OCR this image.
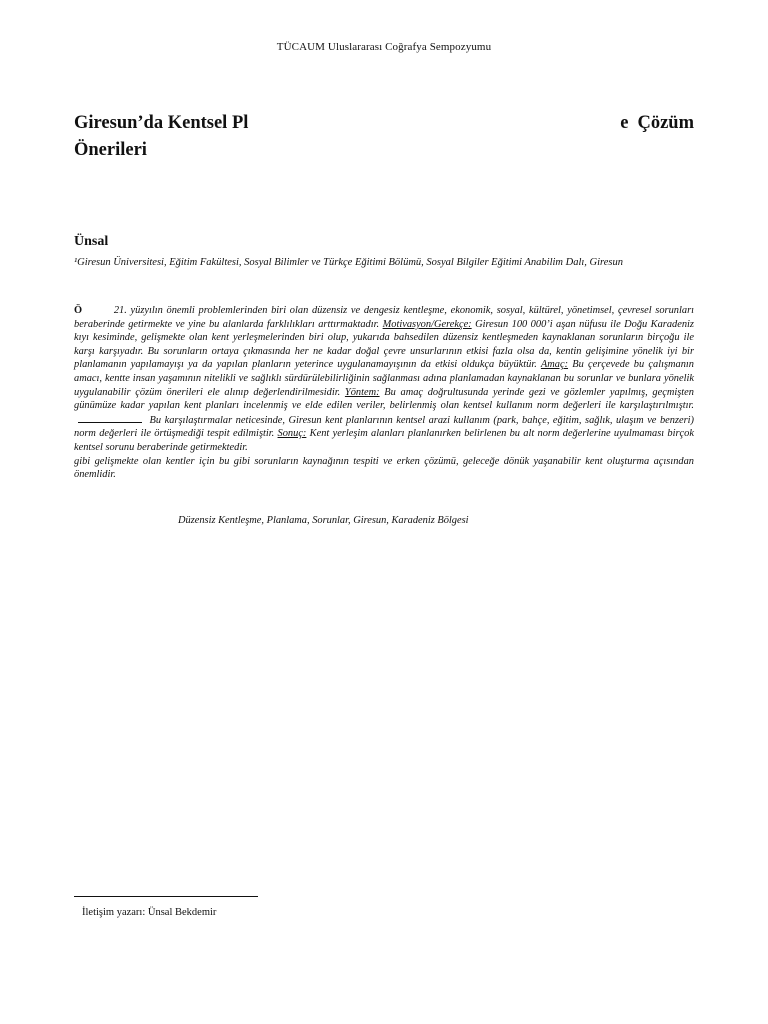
TÜCAUM Uluslararası Coğrafya Sempozyumu
Giresun’da Kentsel Pl	e Çözüm
Önerileri
Ünsal
¹Giresun Üniversitesi, Eğitim Fakültesi, Sosyal Bilimler ve Türkçe Eğitimi Bölümü, Sosyal Bilgiler Eğitimi Anabilim Dalı, Giresun
Ö	21. yüzyılın önemli problemlerinden biri olan düzensiz ve dengesiz kentleşme, ekonomik, sosyal, kültürel, yönetimsel, çevresel sorunları beraberinde getirmekte ve yine bu alanlarda farklılıkları arttırmaktadır. Motivasyon/Gerekçe: Giresun 100 000’i aşan nüfusu ile Doğu Karadeniz kıyı kesiminde, gelişmekte olan kent yerleşmelerinden biri olup, yukarıda bahsedilen düzensiz kentleşmeden kaynaklanan sorunların birçoğu ile karşı karşıyadır. Bu sorunların ortaya çıkmasında her ne kadar doğal çevre unsurlarının etkisi fazla olsa da, kentin gelişimine yönelik iyi bir planlamanın yapılamayışı ya da yapılan planların yeterince uygulanamayışının da etkisi oldukça büyüktür. Amaç: Bu çerçevede bu çalışmanın amacı, kentte insan yaşamının nitelikli ve sağlıklı sürdürülebilirliğinin sağlanması adına planlamadan kaynaklanan bu sorunlar ve bunlara yönelik uygulanabilir çözüm önerileri ele alınıp değerlendirilmesidir. Yöntem: Bu amaç doğrultusunda yerinde gezi ve gözlemler yapılmış, geçmişten günümüze kadar yapılan kent planları incelenmiş ve elde edilen veriler, belirlenmiş olan kentsel kullanım norm değerleri ile karşılaştırılmıştır.  Bu karşılaştırmalar neticesinde, Giresun kent planlarının kentsel arazi kullanım (park, bahçe, eğitim, sağlık, ulaşım ve benzeri) norm değerleri ile örtüşmediği tespit edilmiştir. Sonuç: Kent yerleşim alanları planlanırken belirlenen bu alt norm değerlerine uyulmaması birçok kentsel sorunu beraberinde getirmektedir.
gibi gelişmekte olan kentler için bu gibi sorunların kaynağının tespiti ve erken çözümü, geleceğe dönük yaşanabilir kent oluşturma açısından önemlidir.
Düzensiz Kentleşme, Planlama, Sorunlar, Giresun, Karadeniz Bölgesi
İletişim yazarı: Ünsal Bekdemir
